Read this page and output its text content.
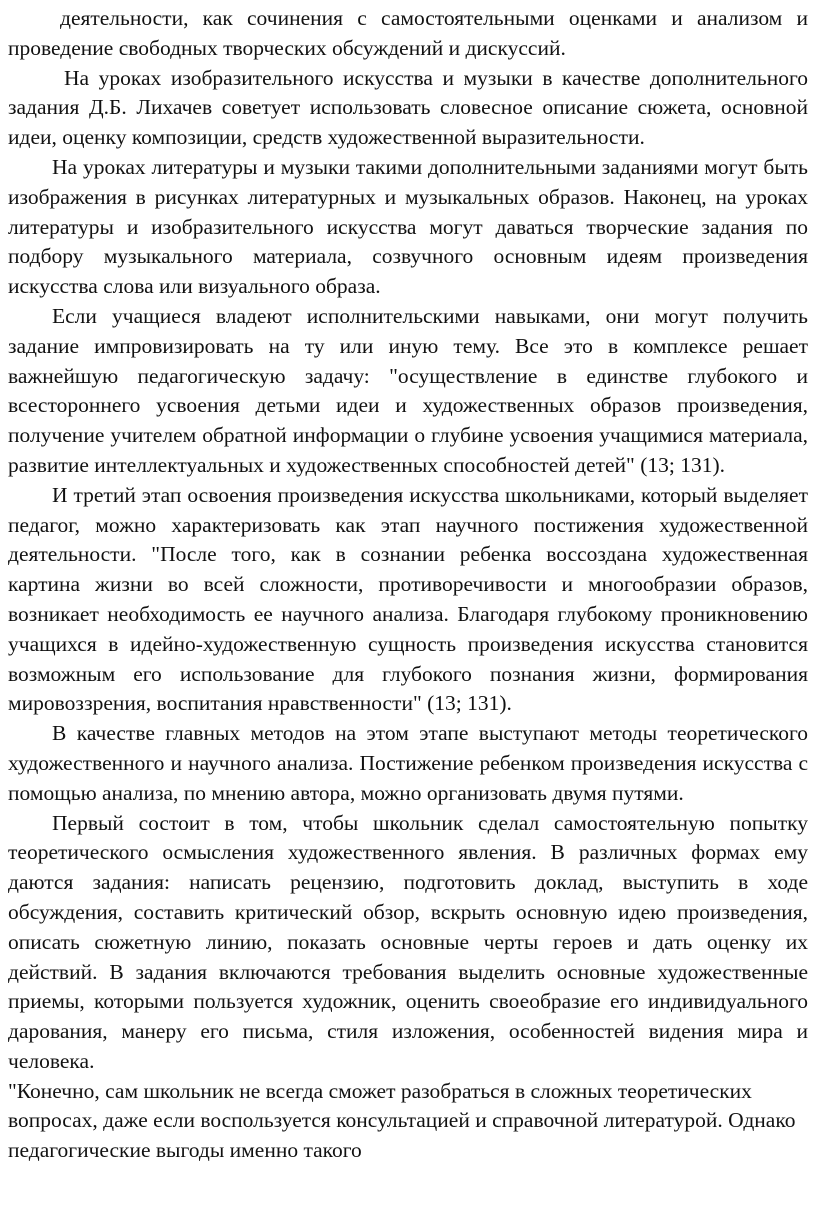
деятельности, как сочинения с самостоятельными оценками и анализом и проведение свободных творческих обсуждений и дискуссий.

На уроках изобразительного искусства и музыки в качестве дополнительного задания Д.Б. Лихачев советует использовать словесное описание сюжета, основной идеи, оценку композиции, средств художественной выразительности.

На уроках литературы и музыки такими дополнительными заданиями могут быть изображения в рисунках литературных и музыкальных образов. Наконец, на уроках литературы и изобразительного искусства могут даваться творческие задания по подбору музыкального материала, созвучного основным идеям произведения искусства слова или визуального образа.

Если учащиеся владеют исполнительскими навыками, они могут получить задание импровизировать на ту или иную тему. Все это в комплексе решает важнейшую педагогическую задачу: "осуществление в единстве глубокого и всестороннего усвоения детьми идеи и художественных образов произведения, получение учителем обратной информации о глубине усвоения учащимися материала, развитие интеллектуальных и художественных способностей детей" (13; 131).

И третий этап освоения произведения искусства школьниками, который выделяет педагог, можно характеризовать как этап научного постижения художественной деятельности. "После того, как в сознании ребенка воссоздана художественная картина жизни во всей сложности, противоречивости и многообразии образов, возникает необходимость ее научного анализа. Благодаря глубокому проникновению учащихся в идейно-художественную сущность произведения искусства становится возможным его использование для глубокого познания жизни, формирования мировоззрения, воспитания нравственности" (13; 131).

В качестве главных методов на этом этапе выступают методы теоретического художественного и научного анализа. Постижение ребенком произведения искусства с помощью анализа, по мнению автора, можно организовать двумя путями.

Первый состоит в том, чтобы школьник сделал самостоятельную попытку теоретического осмысления художественного явления. В различных формах ему даются задания: написать рецензию, подготовить доклад, выступить в ходе обсуждения, составить критический обзор, вскрыть основную идею произведения, описать сюжетную линию, показать основные черты героев и дать оценку их действий. В задания включаются требования выделить основные художественные приемы, которыми пользуется художник, оценить своеобразие его индивидуального дарования, манеру его письма, стиля изложения, особенностей видения мира и человека.

"Конечно, сам школьник не всегда сможет разобраться в сложных теоретических вопросах, даже если воспользуется консультацией и справочной литературой. Однако педагогические выгоды именно такого
